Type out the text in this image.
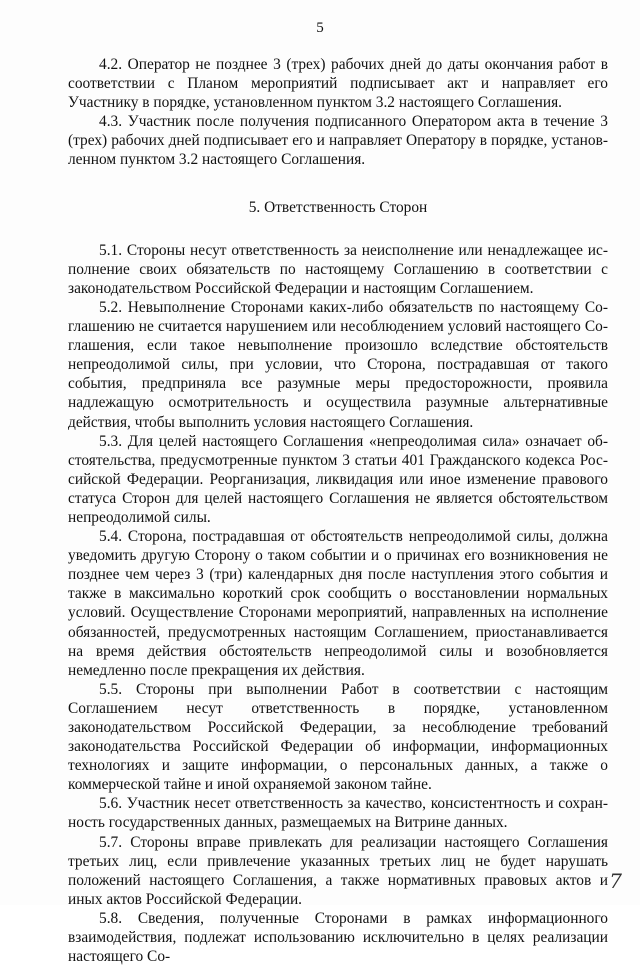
5

4.2. Оператор не позднее 3 (трех) рабочих дней до даты окончания работ в соответствии с Планом мероприятий подписывает акт и направляет его Участнику в порядке, установленном пунктом 3.2 настоящего Соглашения.

4.3. Участник после получения подписанного Оператором акта в течение 3 (трех) рабочих дней подписывает его и направляет Оператору в порядке, установленном пунктом 3.2 настоящего Соглашения.

5. Ответственность Сторон

5.1. Стороны несут ответственность за неисполнение или ненадлежащее исполнение своих обязательств по настоящему Соглашению в соответствии с законодательством Российской Федерации и настоящим Соглашением.

5.2. Невыполнение Сторонами каких-либо обязательств по настоящему Соглашению не считается нарушением или несоблюдением условий настоящего Соглашения, если такое невыполнение произошло вследствие обстоятельств непреодолимой силы, при условии, что Сторона, пострадавшая от такого события, предприняла все разумные меры предосторожности, проявила надлежащую осмотрительность и осуществила разумные альтернативные действия, чтобы выполнить условия настоящего Соглашения.

5.3. Для целей настоящего Соглашения «непреодолимая сила» означает обстоятельства, предусмотренные пунктом 3 статьи 401 Гражданского кодекса Российской Федерации. Реорганизация, ликвидация или иное изменение правового статуса Сторон для целей настоящего Соглашения не является обстоятельством непреодолимой силы.

5.4. Сторона, пострадавшая от обстоятельств непреодолимой силы, должна уведомить другую Сторону о таком событии и о причинах его возникновения не позднее чем через 3 (три) календарных дня после наступления этого события и также в максимально короткий срок сообщить о восстановлении нормальных условий. Осуществление Сторонами мероприятий, направленных на исполнение обязанностей, предусмотренных настоящим Соглашением, приостанавливается на время действия обстоятельств непреодолимой силы и возобновляется немедленно после прекращения их действия.

5.5. Стороны при выполнении Работ в соответствии с настоящим Соглашением несут ответственность в порядке, установленном законодательством Российской Федерации, за несоблюдение требований законодательства Российской Федерации об информации, информационных технологиях и защите информации, о персональных данных, а также о коммерческой тайне и иной охраняемой законом тайне.

5.6. Участник несет ответственность за качество, консистентность и сохранность государственных данных, размещаемых на Витрине данных.

5.7. Стороны вправе привлекать для реализации настоящего Соглашения третьих лиц, если привлечение указанных третьих лиц не будет нарушать положений настоящего Соглашения, а также нормативных правовых актов и иных актов Российской Федерации.

5.8. Сведения, полученные Сторонами в рамках информационного взаимодействия, подлежат использованию исключительно в целях реализации настоящего Со-

7
